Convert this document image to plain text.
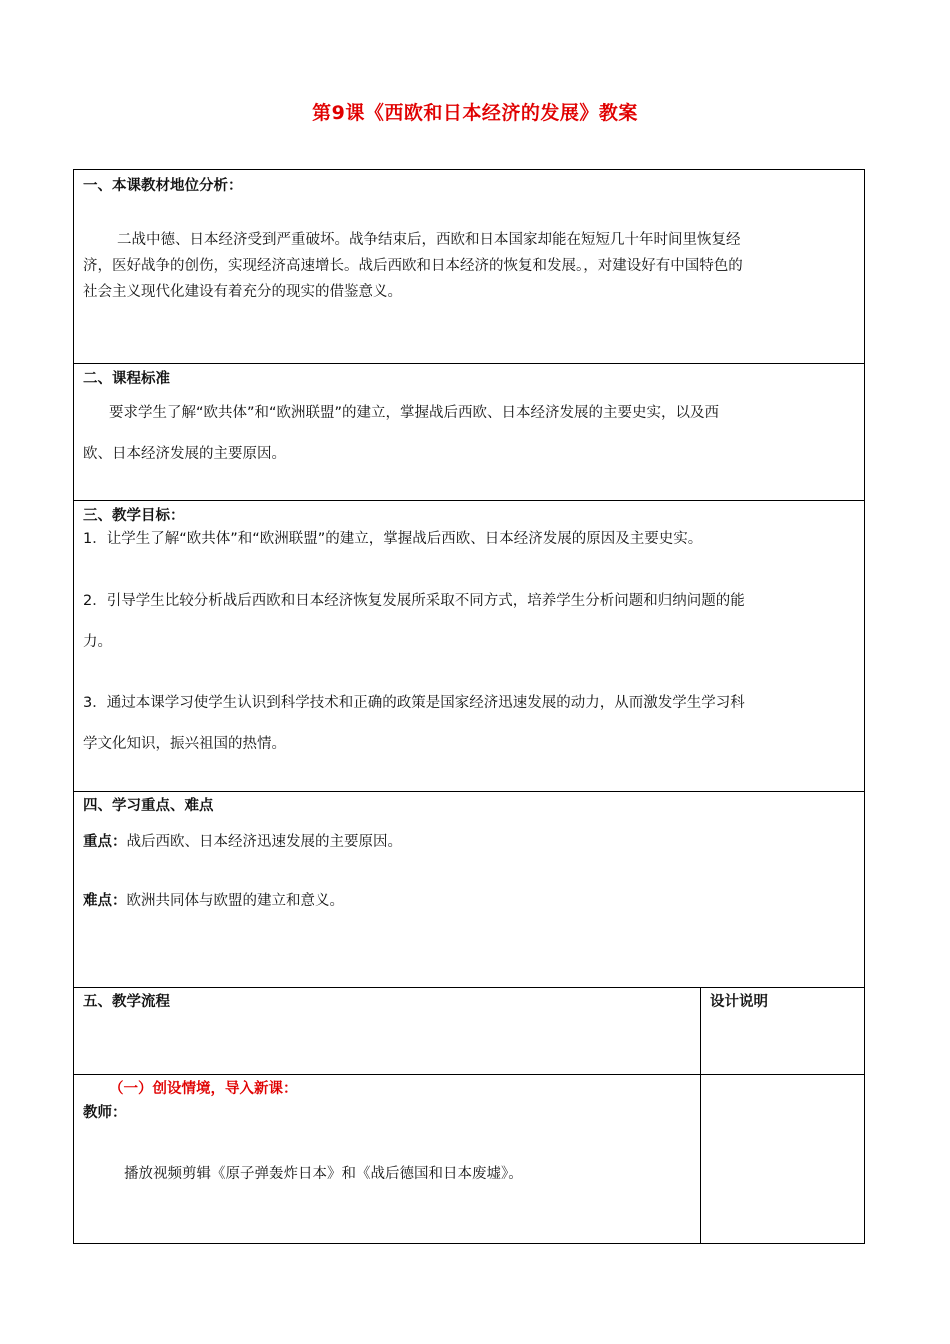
第9课《西欧和日本经济的发展》教案
一、本课教材地位分析：
二战中德、日本经济受到严重破坏。战争结束后，西欧和日本国家却能在短短几十年时间里恢复经
济，医好战争的创伤，实现经济高速增长。战后西欧和日本经济的恢复和发展。，对建设好有中国特色的
社会主义现代化建设有着充分的现实的借鉴意义。
二、课程标准
要求学生了解“欧共体”和“欧洲联盟”的建立，掌握战后西欧、日本经济发展的主要史实，以及西
欧、日本经济发展的主要原因。
三、教学目标：
1．让学生了解“欧共体”和“欧洲联盟”的建立，掌握战后西欧、日本经济发展的原因及主要史实。
2．引导学生比较分析战后西欧和日本经济恢复发展所采取不同方式，培养学生分析问题和归纳问题的能
力。
3．通过本课学习使学生认识到科学技术和正确的政策是国家经济迅速发展的动力，从而激发学生学习科
学文化知识，振兴祖国的热情。
四、学习重点、难点
重点：战后西欧、日本经济迅速发展的主要原因。
难点：欧洲共同体与欧盟的建立和意义。
五、教学流程	设计说明
（一）创设情境，导入新课：
教师：
播放视频剪辑《原子弹轰炸日本》和《战后德国和日本废墟》。
